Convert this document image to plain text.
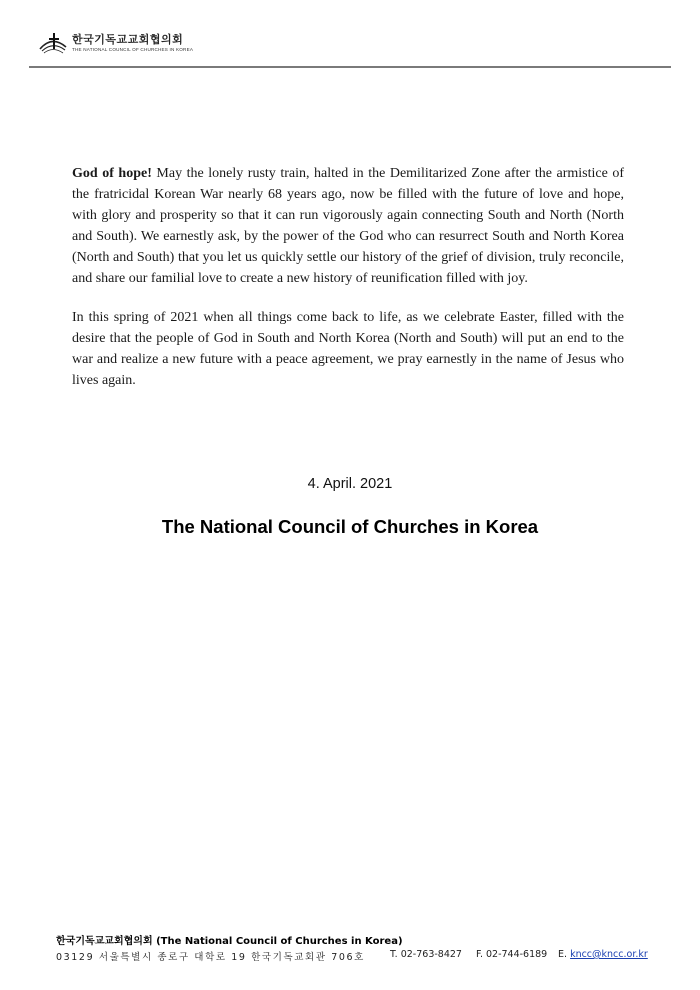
한국기독교교회협의회
THE NATIONAL COUNCIL OF CHURCHES IN KOREA

God of hope! May the lonely rusty train, halted in the Demilitarized Zone after the armistice of the fratricidal Korean War nearly 68 years ago, now be filled with the future of love and hope, with glory and prosperity so that it can run vigorously again connecting South and North (North and South). We earnestly ask, by the power of the God who can resurrect South and North Korea (North and South) that you let us quickly settle our history of the grief of division, truly reconcile, and share our familial love to create a new history of reunification filled with joy.

In this spring of 2021 when all things come back to life, as we celebrate Easter, filled with the desire that the people of God in South and North Korea (North and South) will put an end to the war and realize a new future with a peace agreement, we pray earnestly in the name of Jesus who lives again.

4. April. 2021
The National Council of Churches in Korea
한국기독교교회협의회 (The National Council of Churches in Korea)
03129 서울특별시 종로구 대학로 19 한국기독교회관 706호	T. 02-763-8427 F. 02-744-6189 E. kncc@kncc.or.kr
